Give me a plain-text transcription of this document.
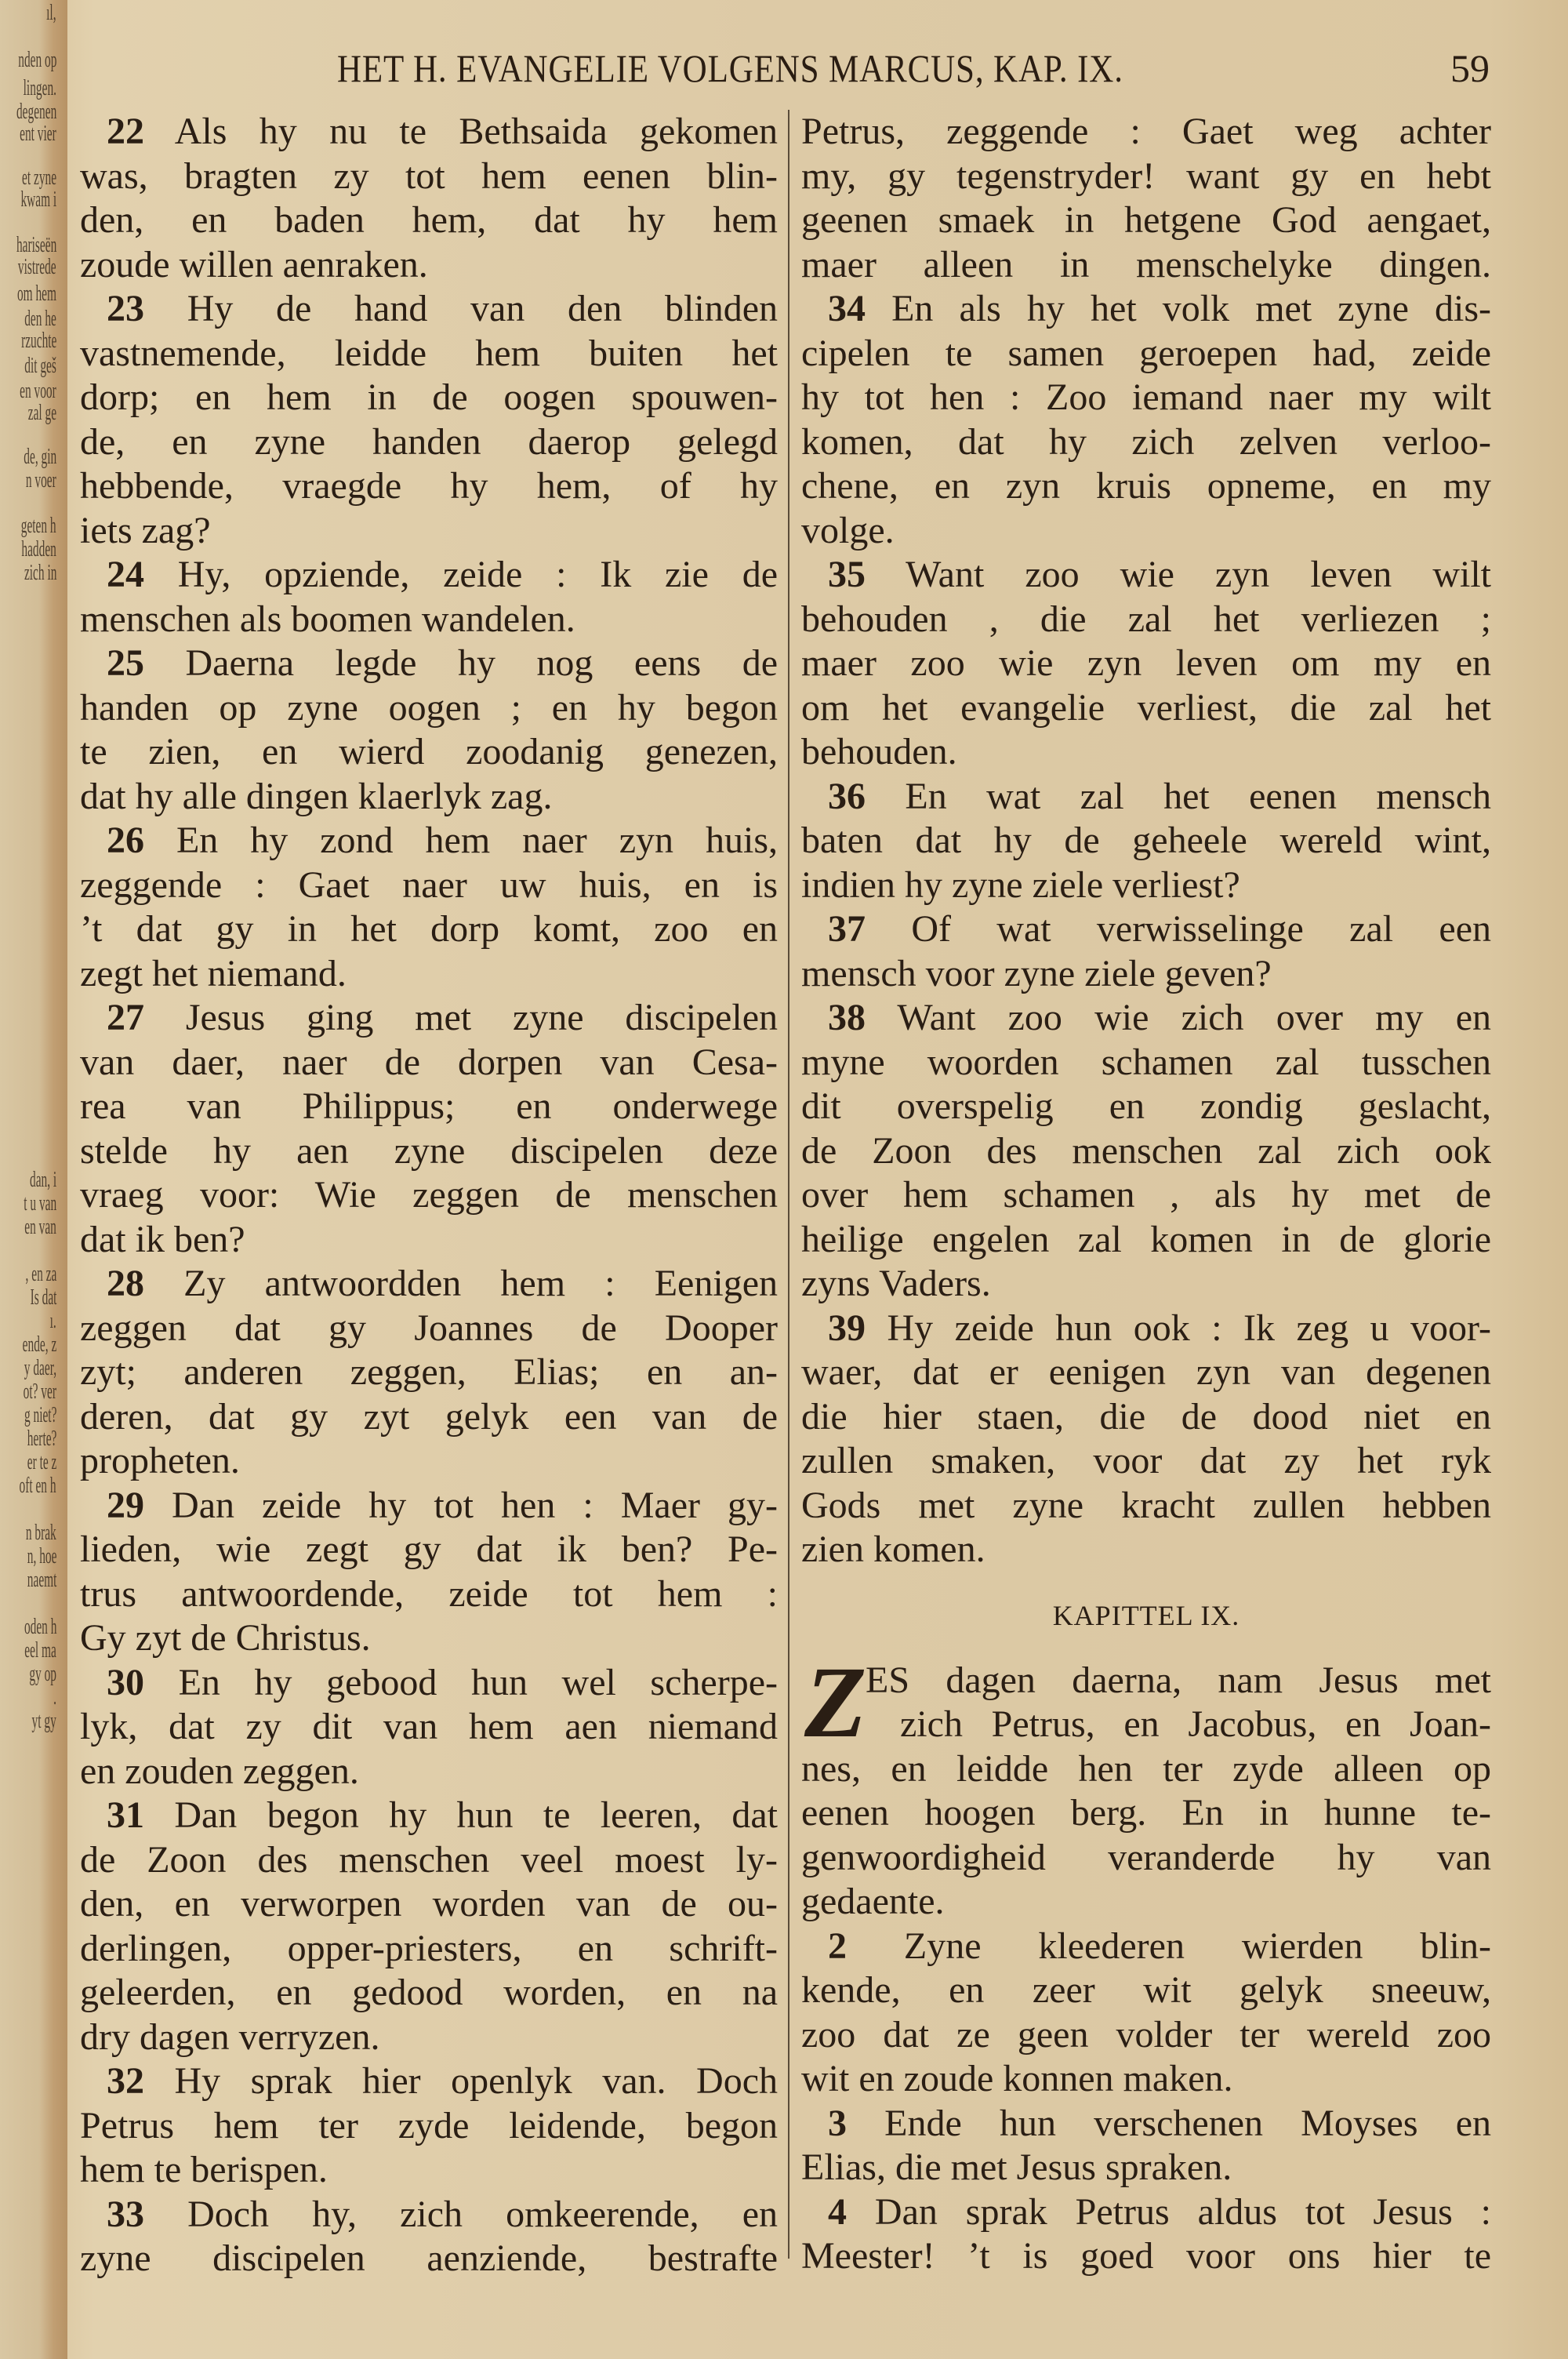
ıl,
nden op
lingen.
degenen
ent vier
et zyne
kwam i
hariseën
vistrede
om hem
den he
rzuchte
dit geš
en voor
zal ge
de, gin
n voer
geten h
hadden
zich in
dan, i
t u van
en van
, en za
Is dat
ı.
ende, z
y daer,
ot? ver
g niet?
herte?
er te z
oft en h
n brak
n, hoe
naemt
oden h
eel ma
gy op
.
yt gy
HET H. EVANGELIE VOLGENS MARCUS, KAP. IX.	59
22 Als hy nu te Bethsaida gekomen
was, bragten zy tot hem eenen blin-
den, en baden hem, dat hy hem
zoude willen aenraken.
23 Hy de hand van den blinden
vastnemende, leidde hem buiten het
dorp; en hem in de oogen spouwen-
de, en zyne handen daerop gelegd
hebbende, vraegde hy hem, of hy
iets zag?
24 Hy, opziende, zeide : Ik zie de
menschen als boomen wandelen.
25 Daerna legde hy nog eens de
handen op zyne oogen ; en hy begon
te zien, en wierd zoodanig genezen,
dat hy alle dingen klaerlyk zag.
26 En hy zond hem naer zyn huis,
zeggende : Gaet naer uw huis, en is
’t dat gy in het dorp komt, zoo en
zegt het niemand.
27 Jesus ging met zyne discipelen
van daer, naer de dorpen van Cesa-
rea van Philippus; en onderwege
stelde hy aen zyne discipelen deze
vraeg voor: Wie zeggen de menschen
dat ik ben?
28 Zy antwoordden hem : Eenigen
zeggen dat gy Joannes de Dooper
zyt; anderen zeggen, Elias; en an-
deren, dat gy zyt gelyk een van de
propheten.
29 Dan zeide hy tot hen : Maer gy-
lieden, wie zegt gy dat ik ben? Pe-
trus antwoordende, zeide tot hem :
Gy zyt de Christus.
30 En hy gebood hun wel scherpe-
lyk, dat zy dit van hem aen niemand
en zouden zeggen.
31 Dan begon hy hun te leeren, dat
de Zoon des menschen veel moest ly-
den, en verworpen worden van de ou-
derlingen, opper-priesters, en schrift-
geleerden, en gedood worden, en na
dry dagen verryzen.
32 Hy sprak hier openlyk van. Doch
Petrus hem ter zyde leidende, begon
hem te berispen.
33 Doch hy, zich omkeerende, en
zyne discipelen aenziende, bestrafte
Petrus, zeggende : Gaet weg achter
my, gy tegenstryder! want gy en hebt
geenen smaek in hetgene God aengaet,
maer alleen in menschelyke dingen.
34 En als hy het volk met zyne dis-
cipelen te samen geroepen had, zeide
hy tot hen : Zoo iemand naer my wilt
komen, dat hy zich zelven verloo-
chene, en zyn kruis opneme, en my
volge.
35 Want zoo wie zyn leven wilt
behouden , die zal het verliezen ;
maer zoo wie zyn leven om my en
om het evangelie verliest, die zal het
behouden.
36 En wat zal het eenen mensch
baten dat hy de geheele wereld wint,
indien hy zyne ziele verliest?
37 Of wat verwisselinge zal een
mensch voor zyne ziele geven?
38 Want zoo wie zich over my en
myne woorden schamen zal tusschen
dit overspelig en zondig geslacht,
de Zoon des menschen zal zich ook
over hem schamen , als hy met de
heilige engelen zal komen in de glorie
zyns Vaders.
39 Hy zeide hun ook : Ik zeg u voor-
waer, dat er eenigen zyn van degenen
die hier staen, die de dood niet en
zullen smaken, voor dat zy het ryk
Gods met zyne kracht zullen hebben
zien komen.
KAPITTEL IX.
Z
ES dagen daerna, nam Jesus met
zich Petrus, en Jacobus, en Joan-
nes, en leidde hen ter zyde alleen op
eenen hoogen berg. En in hunne te-
genwoordigheid veranderde hy van
gedaente.
2 Zyne kleederen wierden blin-
kende, en zeer wit gelyk sneeuw,
zoo dat ze geen volder ter wereld zoo
wit en zoude konnen maken.
3 Ende hun verschenen Moyses en
Elias, die met Jesus spraken.
4 Dan sprak Petrus aldus tot Jesus :
Meester! ’t is goed voor ons hier te
